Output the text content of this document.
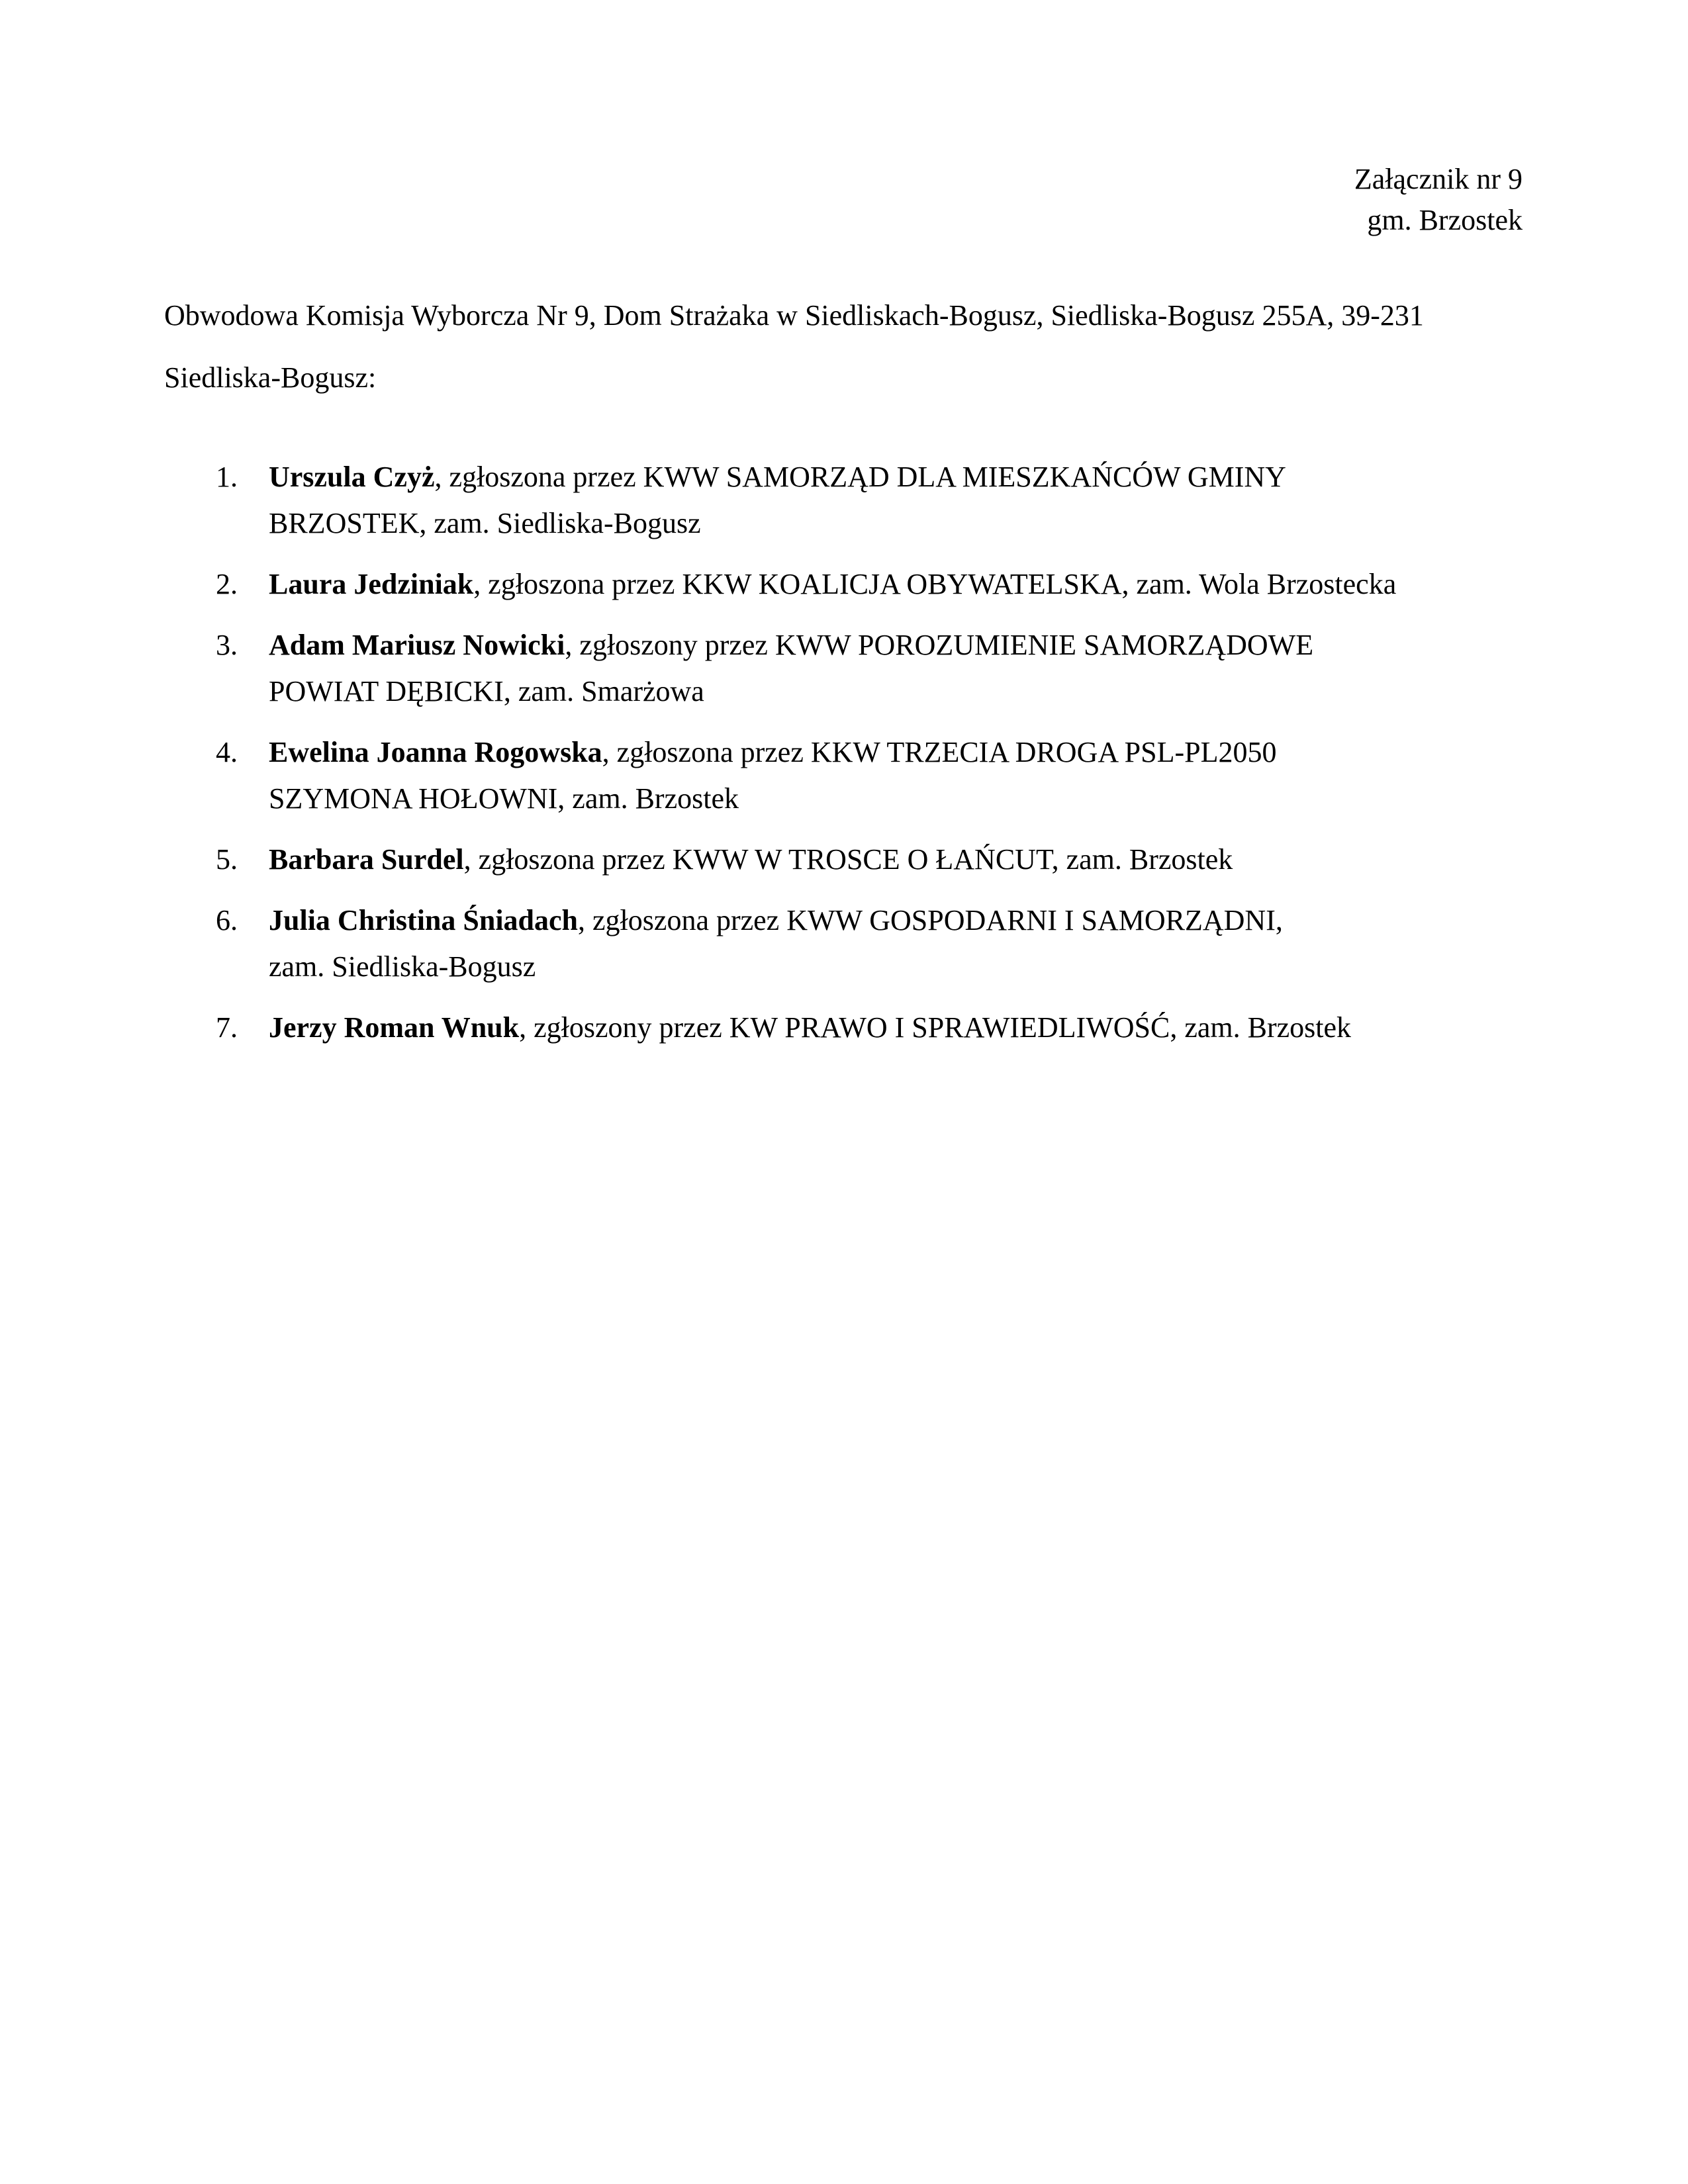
Załącznik nr 9
gm. Brzostek
Obwodowa Komisja Wyborcza Nr 9, Dom Strażaka w Siedliskach-Bogusz, Siedliska-Bogusz 255A, 39-231 Siedliska-Bogusz:
1. Urszula Czyż, zgłoszona przez KWW SAMORZĄD DLA MIESZKAŃCÓW GMINY
BRZOSTEK, zam. Siedliska-Bogusz
2. Laura Jedziniak, zgłoszona przez KKW KOALICJA OBYWATELSKA, zam. Wola Brzostecka
3. Adam Mariusz Nowicki, zgłoszony przez KWW POROZUMIENIE SAMORZĄDOWE
POWIAT DĘBICKI, zam. Smarżowa
4. Ewelina Joanna Rogowska, zgłoszona przez KKW TRZECIA DROGA PSL-PL2050
SZYMONA HOŁOWNI, zam. Brzostek
5. Barbara Surdel, zgłoszona przez KWW W TROSCE O ŁAŃCUT, zam. Brzostek
6. Julia Christina Śniadach, zgłoszona przez KWW GOSPODARNI I SAMORZĄDNI,
zam. Siedliska-Bogusz
7. Jerzy Roman Wnuk, zgłoszony przez KW PRAWO I SPRAWIEDLIWOŚĆ, zam. Brzostek
